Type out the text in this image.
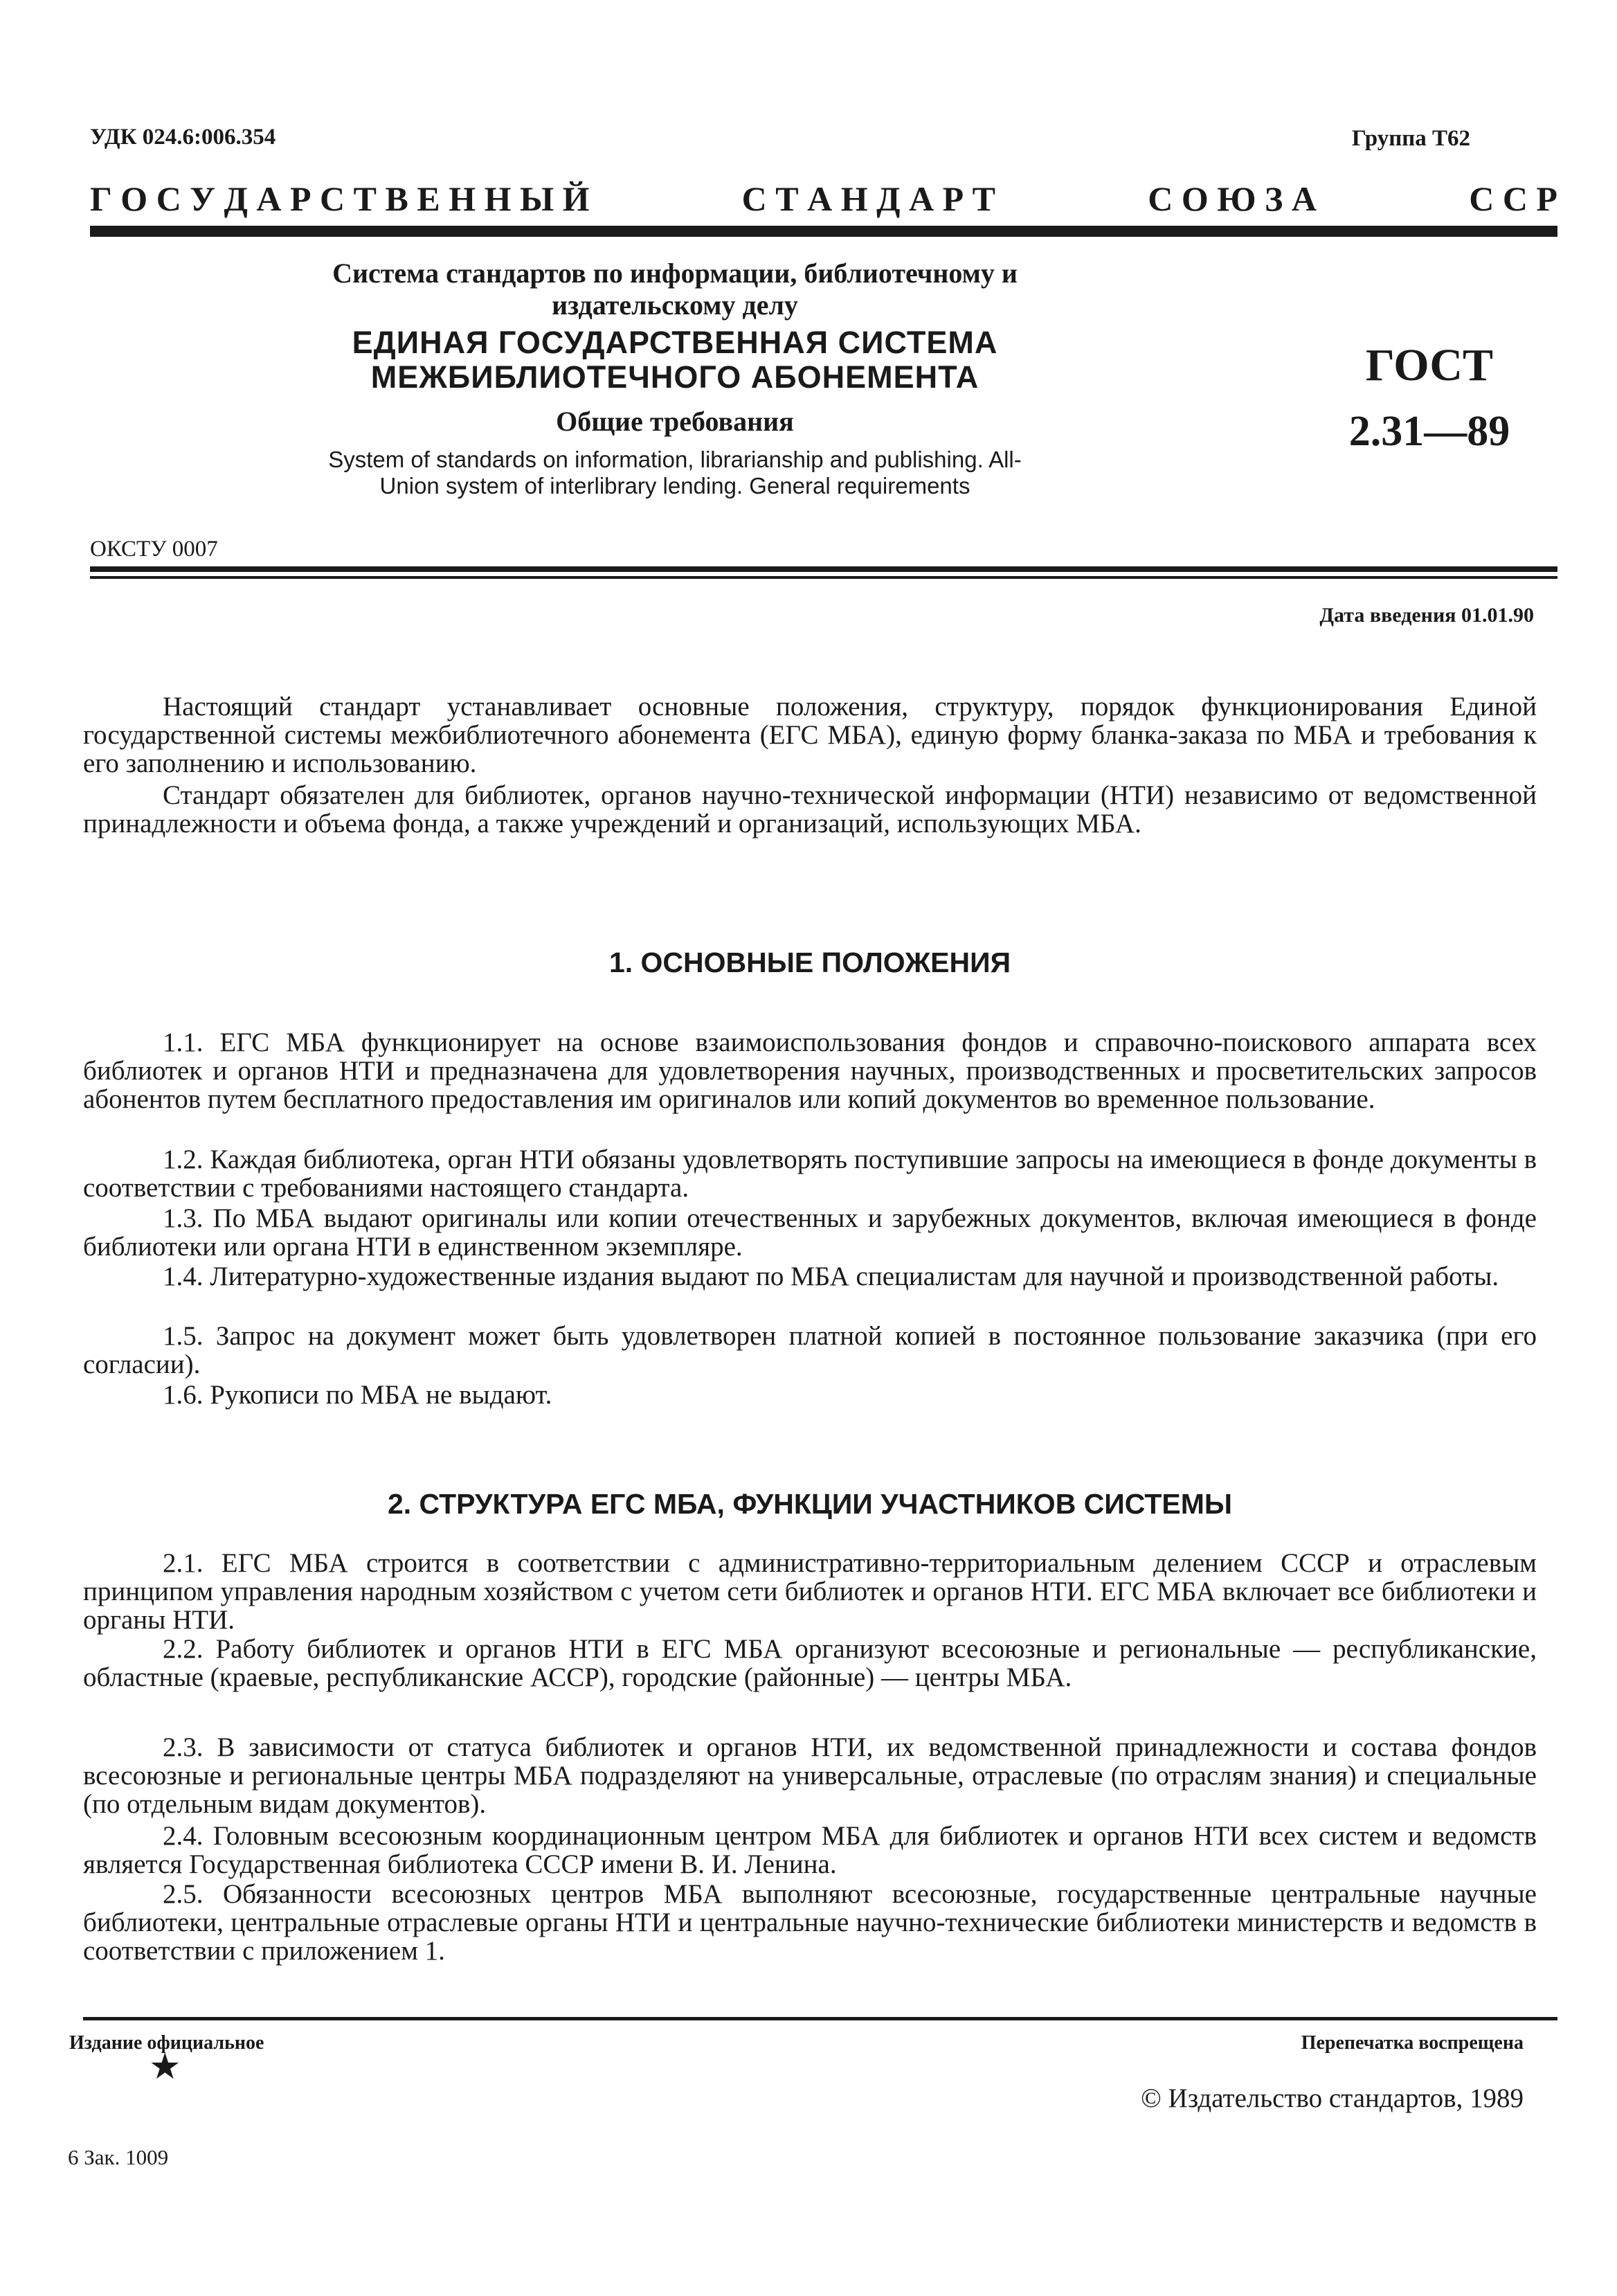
УДК 024.6:006.354	Группа Т62
Г О С У Д А Р С Т В Е Н Н Ы Й	С Т А Н Д А Р Т	С О Ю З А	С С Р
Система стандартов по информации, библиотечному и издательскому делу
ЕДИНАЯ ГОСУДАРСТВЕННАЯ СИСТЕМА МЕЖБИБЛИОТЕЧНОГО АБОНЕМЕНТА
Общие требования
System of standards on information, librarianship and publishing. All-Union system of interlibrary lending. General requirements
ГОСТ
2.31—89
ОКСТУ 0007
Дата введения 01.01.90
Настоящий стандарт устанавливает основные положения, структуру, порядок функционирования Единой государственной системы межбиблиотечного абонемента (ЕГС МБА), единую форму бланка-заказа по МБА и требования к его заполнению и использованию.
Стандарт обязателен для библиотек, органов научно-технической информации (НТИ) независимо от ведомственной принадлежности и объема фонда, а также учреждений и организаций, использующих МБА.
1. ОСНОВНЫЕ ПОЛОЖЕНИЯ
1.1. ЕГС МБА функционирует на основе взаимоиспользования фондов и справочно-поискового аппарата всех библиотек и органов НТИ и предназначена для удовлетворения научных, производственных и просветительских запросов абонентов путем бесплатного предоставления им оригиналов или копий документов во временное пользование.
1.2. Каждая библиотека, орган НТИ обязаны удовлетворять поступившие запросы на имеющиеся в фонде документы в соответствии с требованиями настоящего стандарта.
1.3. По МБА выдают оригиналы или копии отечественных и зарубежных документов, включая имеющиеся в фонде библиотеки или органа НТИ в единственном экземпляре.
1.4. Литературно-художественные издания выдают по МБА специалистам для научной и производственной работы.
1.5. Запрос на документ может быть удовлетворен платной копией в постоянное пользование заказчика (при его согласии).
1.6. Рукописи по МБА не выдают.
2. СТРУКТУРА ЕГС МБА, ФУНКЦИИ УЧАСТНИКОВ СИСТЕМЫ
2.1. ЕГС МБА строится в соответствии с административно-территориальным делением СССР и отраслевым принципом управления народным хозяйством с учетом сети библиотек и органов НТИ. ЕГС МБА включает все библиотеки и органы НТИ.
2.2. Работу библиотек и органов НТИ в ЕГС МБА организуют всесоюзные и региональные — республиканские, областные (краевые, республиканские АССР), городские (районные) — центры МБА.
2.3. В зависимости от статуса библиотек и органов НТИ, их ведомственной принадлежности и состава фондов всесоюзные и региональные центры МБА подразделяют на универсальные, отраслевые (по отраслям знания) и специальные (по отдельным видам документов).
2.4. Головным всесоюзным координационным центром МБА для библиотек и органов НТИ всех систем и ведомств является Государственная библиотека СССР имени В. И. Ленина.
2.5. Обязанности всесоюзных центров МБА выполняют всесоюзные, государственные центральные научные библиотеки, центральные отраслевые органы НТИ и центральные научно-технические библиотеки министерств и ведомств в соответствии с приложением 1.
Издание официальное
★
Перепечатка воспрещена
© Издательство стандартов, 1989
6 Зак. 1009
